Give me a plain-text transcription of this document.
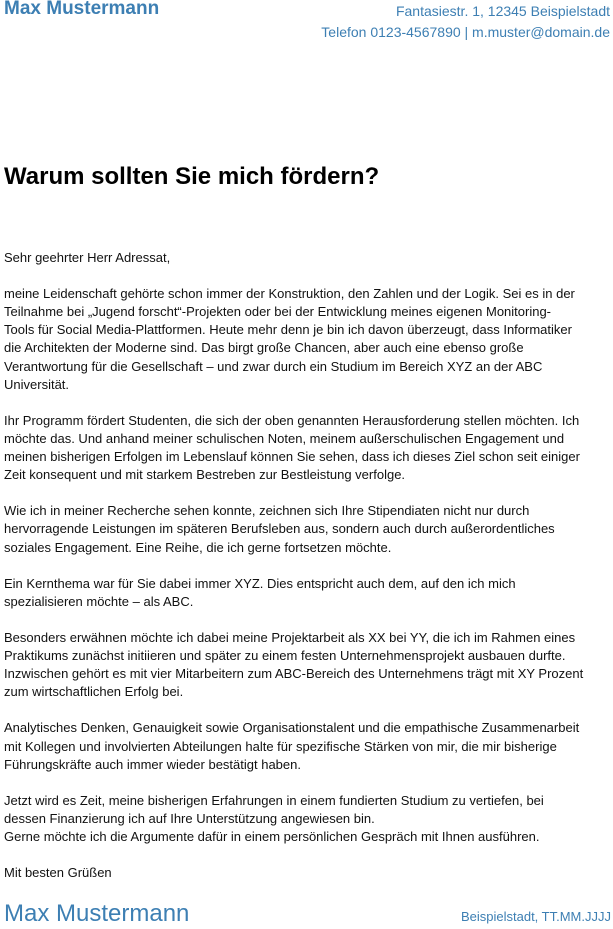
Max Mustermann	Fantasiestr. 1, 12345 Beispielstadt
Telefon 0123-4567890 | m.muster@domain.de
Warum sollten Sie mich fördern?

Sehr geehrter Herr Adressat,

meine Leidenschaft gehörte schon immer der Konstruktion, den Zahlen und der Logik. Sei es in der
Teilnahme bei „Jugend forscht“-Projekten oder bei der Entwicklung meines eigenen Monitoring-
Tools für Social Media-Plattformen. Heute mehr denn je bin ich davon überzeugt, dass Informatiker
die Architekten der Moderne sind. Das birgt große Chancen, aber auch eine ebenso große
Verantwortung für die Gesellschaft – und zwar durch ein Studium im Bereich XYZ an der ABC
Universität.

Ihr Programm fördert Studenten, die sich der oben genannten Herausforderung stellen möchten. Ich
möchte das. Und anhand meiner schulischen Noten, meinem außerschulischen Engagement und
meinen bisherigen Erfolgen im Lebenslauf können Sie sehen, dass ich dieses Ziel schon seit einiger
Zeit konsequent und mit starkem Bestreben zur Bestleistung verfolge.

Wie ich in meiner Recherche sehen konnte, zeichnen sich Ihre Stipendiaten nicht nur durch
hervorragende Leistungen im späteren Berufsleben aus, sondern auch durch außerordentliches
soziales Engagement. Eine Reihe, die ich gerne fortsetzen möchte.

Ein Kernthema war für Sie dabei immer XYZ. Dies entspricht auch dem, auf den ich mich
spezialisieren möchte – als ABC.

Besonders erwähnen möchte ich dabei meine Projektarbeit als XX bei YY, die ich im Rahmen eines
Praktikums zunächst initiieren und später zu einem festen Unternehmensprojekt ausbauen durfte.
Inzwischen gehört es mit vier Mitarbeitern zum ABC-Bereich des Unternehmens trägt mit XY Prozent
zum wirtschaftlichen Erfolg bei.

Analytisches Denken, Genauigkeit sowie Organisationstalent und die empathische Zusammenarbeit
mit Kollegen und involvierten Abteilungen halte für spezifische Stärken von mir, die mir bisherige
Führungskräfte auch immer wieder bestätigt haben.

Jetzt wird es Zeit, meine bisherigen Erfahrungen in einem fundierten Studium zu vertiefen, bei
dessen Finanzierung ich auf Ihre Unterstützung angewiesen bin.

Gerne möchte ich die Argumente dafür in einem persönlichen Gespräch mit Ihnen ausführen.

Mit besten Grüßen

Max Mustermann	Beispielstadt, TT.MM.JJJJ
